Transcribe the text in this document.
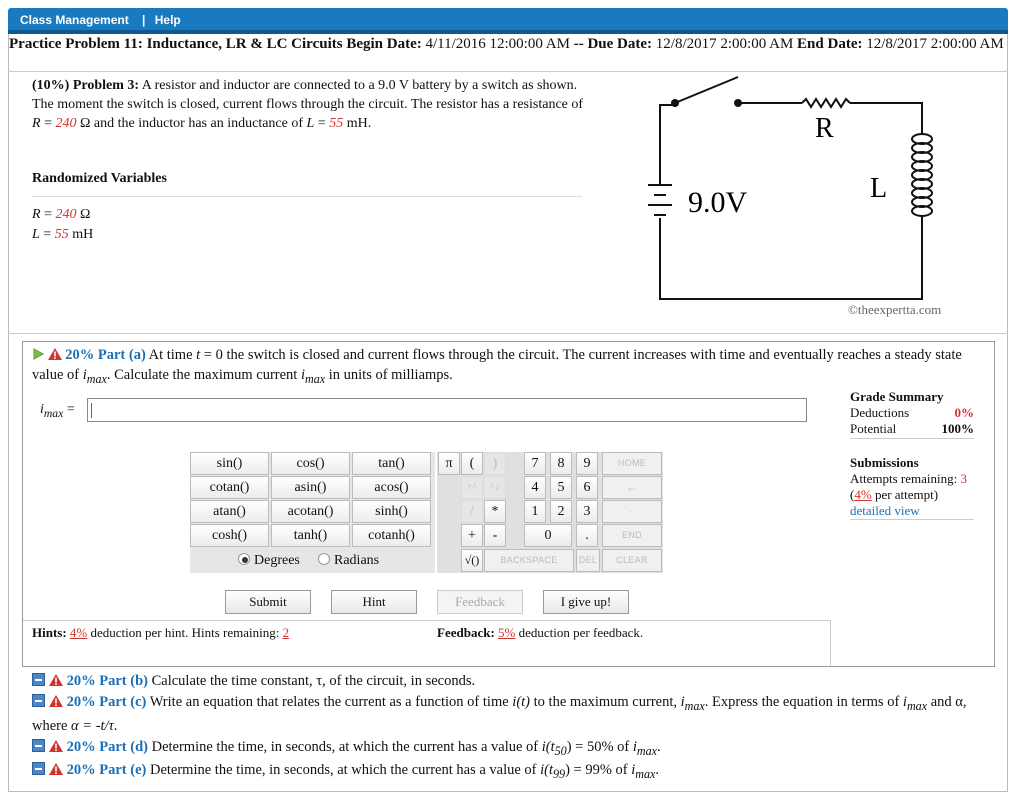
Class Management | Help
Practice Problem 11: Inductance, LR & LC Circuits Begin Date: 4/11/2016 12:00:00 AM -- Due Date: 12/8/2017 2:00:00 AM End Date: 12/8/2017 2:00:00 AM
(10%) Problem 3: A resistor and inductor are connected to a 9.0 V battery by a switch as shown. The moment the switch is closed, current flows through the circuit. The resistor has a resistance of R = 240 Ω and the inductor has an inductance of L = 55 mH.
Randomized Variables
R = 240 Ω
L = 55 mH
R
L
9.0V
©theexpertta.com
20% Part (a) At time t = 0 the switch is closed and current flows through the circuit. The current increases with time and eventually reaches a steady state value of $i_{max}$. Calculate the maximum current $i_{max}$ in units of milliamps.
$i_{max}$ =
Grade Summary
Deductions	0%
Potential	100%
Submissions
Attempts remaining: 3
(4% per attempt)
detailed view
sin()	cos()	tan()
cotan()	asin()	acos()
atan()	acotan()	sinh()
cosh()	tanh()	cotanh()
Degrees	Radians
π	(	)	7	8	9	HOME
↑^	^↓	4	5	6	←
/	*	1	2	3	·
+	-	0	.	END
√()	BACKSPACE	DEL	CLEAR
Submit	Hint	Feedback	I give up!
Hints: 4% deduction per hint. Hints remaining: 2	Feedback: 5% deduction per feedback.
20% Part (b) Calculate the time constant, τ, of the circuit, in seconds.
20% Part (c) Write an equation that relates the current as a function of time i(t) to the maximum current, $i_{max}$. Express the equation in terms of $i_{max}$ and α, where α = -t/τ.
20% Part (d) Determine the time, in seconds, at which the current has a value of $i(t_{50}) = 50\%$ of $i_{max}$.
20% Part (e) Determine the time, in seconds, at which the current has a value of $i(t_{99}) = 99\%$ of $i_{max}$.
